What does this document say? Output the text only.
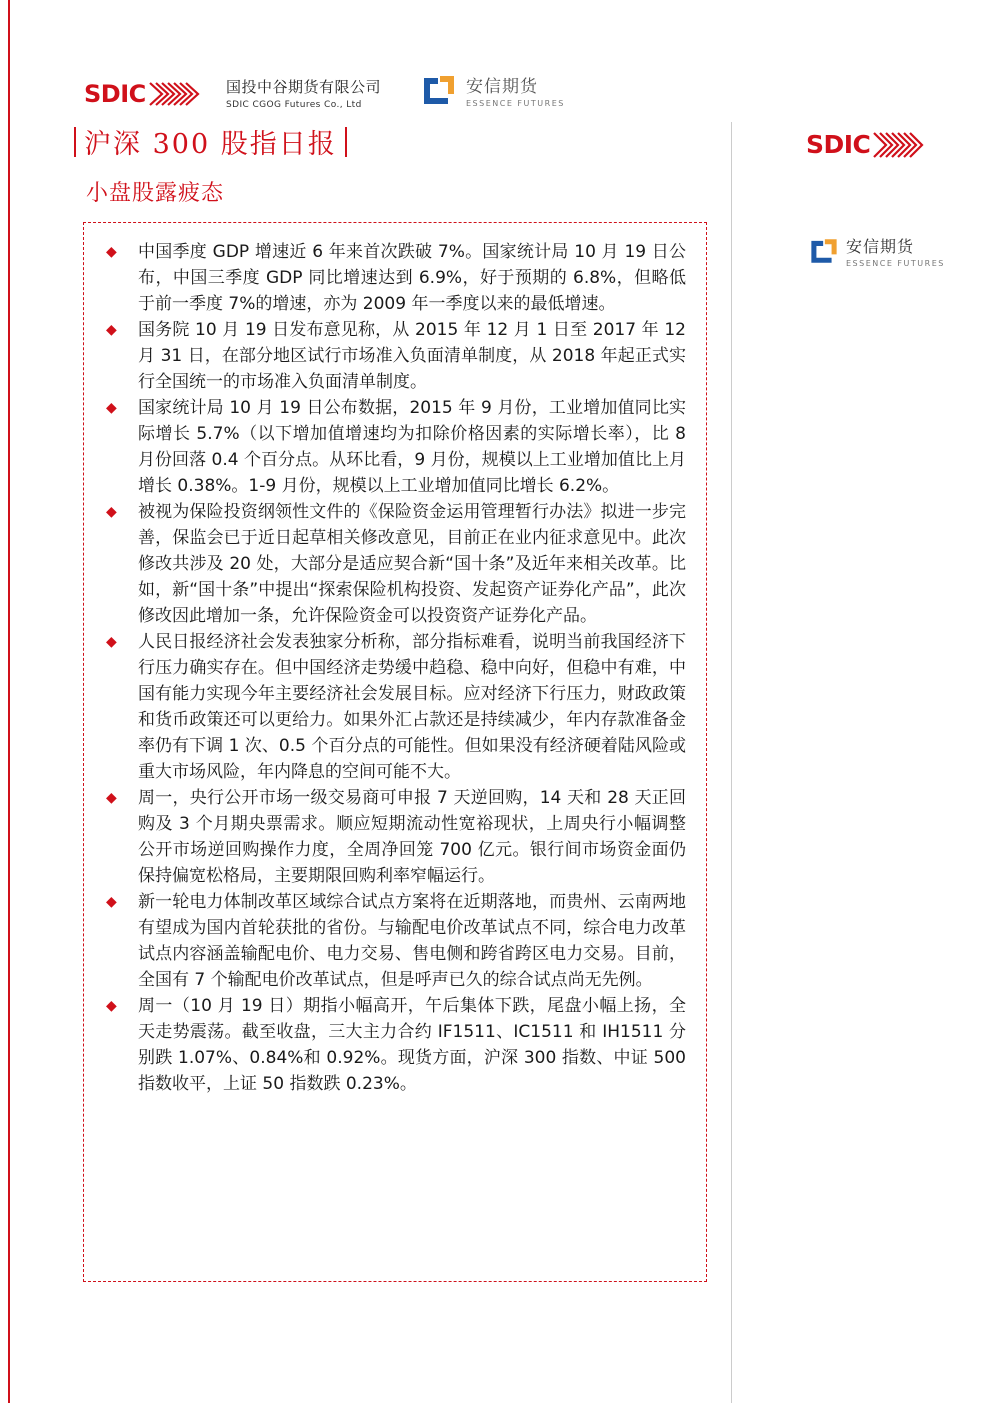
SDIC	国投中谷期货有限公司
SDIC CGOG Futures Co., Ltd
安信期货
ESSENCE FUTURES
沪深 300 股指日报
小盘股露疲态
◆	中国季度 GDP 增速近 6 年来首次跌破 7%。国家统计局 10 月 19 日公布，中国三季度 GDP 同比增速达到 6.9%，好于预期的 6.8%，但略低于前一季度 7%的增速，亦为 2009 年一季度以来的最低增速。
◆	国务院 10 月 19 日发布意见称，从 2015 年 12 月 1 日至 2017 年 12 月 31 日，在部分地区试行市场准入负面清单制度，从 2018 年起正式实行全国统一的市场准入负面清单制度。
◆	国家统计局 10 月 19 日公布数据，2015 年 9 月份，工业增加值同比实际增长 5.7%（以下增加值增速均为扣除价格因素的实际增长率），比 8 月份回落 0.4 个百分点。从环比看，9 月份，规模以上工业增加值比上月增长 0.38%。1-9 月份，规模以上工业增加值同比增长 6.2%。
◆	被视为保险投资纲领性文件的《保险资金运用管理暂行办法》拟进一步完善，保监会已于近日起草相关修改意见，目前正在业内征求意见中。此次修改共涉及 20 处，大部分是适应契合新“国十条”及近年来相关改革。比如，新“国十条”中提出“探索保险机构投资、发起资产证券化产品”，此次修改因此增加一条，允许保险资金可以投资资产证券化产品。
◆	人民日报经济社会发表独家分析称，部分指标难看，说明当前我国经济下行压力确实存在。但中国经济走势缓中趋稳、稳中向好，但稳中有难，中国有能力实现今年主要经济社会发展目标。应对经济下行压力，财政政策和货币政策还可以更给力。如果外汇占款还是持续减少，年内存款准备金率仍有下调 1 次、0.5 个百分点的可能性。但如果没有经济硬着陆风险或重大市场风险，年内降息的空间可能不大。
◆	周一，央行公开市场一级交易商可申报 7 天逆回购，14 天和 28 天正回购及 3 个月期央票需求。顺应短期流动性宽裕现状，上周央行小幅调整公开市场逆回购操作力度，全周净回笼 700 亿元。银行间市场资金面仍保持偏宽松格局，主要期限回购利率窄幅运行。
◆	新一轮电力体制改革区域综合试点方案将在近期落地，而贵州、云南两地有望成为国内首轮获批的省份。与输配电价改革试点不同，综合电力改革试点内容涵盖输配电价、电力交易、售电侧和跨省跨区电力交易。目前，全国有 7 个输配电价改革试点，但是呼声已久的综合试点尚无先例。
◆	周一（10 月 19 日）期指小幅高开，午后集体下跌，尾盘小幅上扬，全天走势震荡。截至收盘，三大主力合约 IF1511、IC1511 和 IH1511 分别跌 1.07%、0.84%和 0.92%。现货方面，沪深 300 指数、中证 500 指数收平，上证 50 指数跌 0.23%。
SDIC
安信期货
ESSENCE FUTURES
